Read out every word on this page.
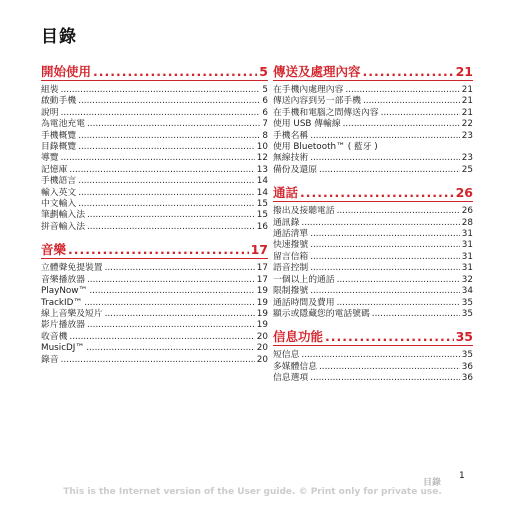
目錄
開始使用 .....	5
組裝 .....	5
啟動手機 .....	6
說明 .....	6
為電池充電 .....	7
手機概覽 .....	8
目錄概覽 .....	10
導覽 .....	12
記憶庫 .....	13
手機語言 .....	14
輸入英文 .....	14
中文輸入 .....	15
筆劃輸入法 .....	15
拼音輸入法 .....	16
音樂 .....	17
立體聲免提裝置 .....	17
音樂播放器 .....	17
PlayNow™ .....	19
TrackID™ .....	19
線上音樂及短片 .....	19
影片播放器 .....	19
收音機 .....	20
MusicDJ™ .....	20
錄音 .....	20
傳送及處理內容 .....	21
在手機內處理內容 .....	21
傳送內容到另一部手機 .....	21
在手機和電腦之間傳送內容 .....	21
使用 USB 傳輸線 .....	22
手機名稱 .....	23
使用 Bluetooth™ ( 藍牙 )
無線技術 .....	23
備份及還原 .....	25
通話 .....	26
撥出及接聽電話 .....	26
通訊錄 .....	28
通話清單 .....	31
快速撥號 .....	31
留言信箱 .....	31
語音控制 .....	31
一個以上的通話 .....	32
限制撥號 .....	34
通話時間及費用 .....	35
顯示或隱藏您的電話號碼 .....	35
信息功能 .....	35
短信息 .....	35
多媒體信息 .....	36
信息選項 .....	36
目錄
1
This is the Internet version of the User guide. © Print only for private use.
